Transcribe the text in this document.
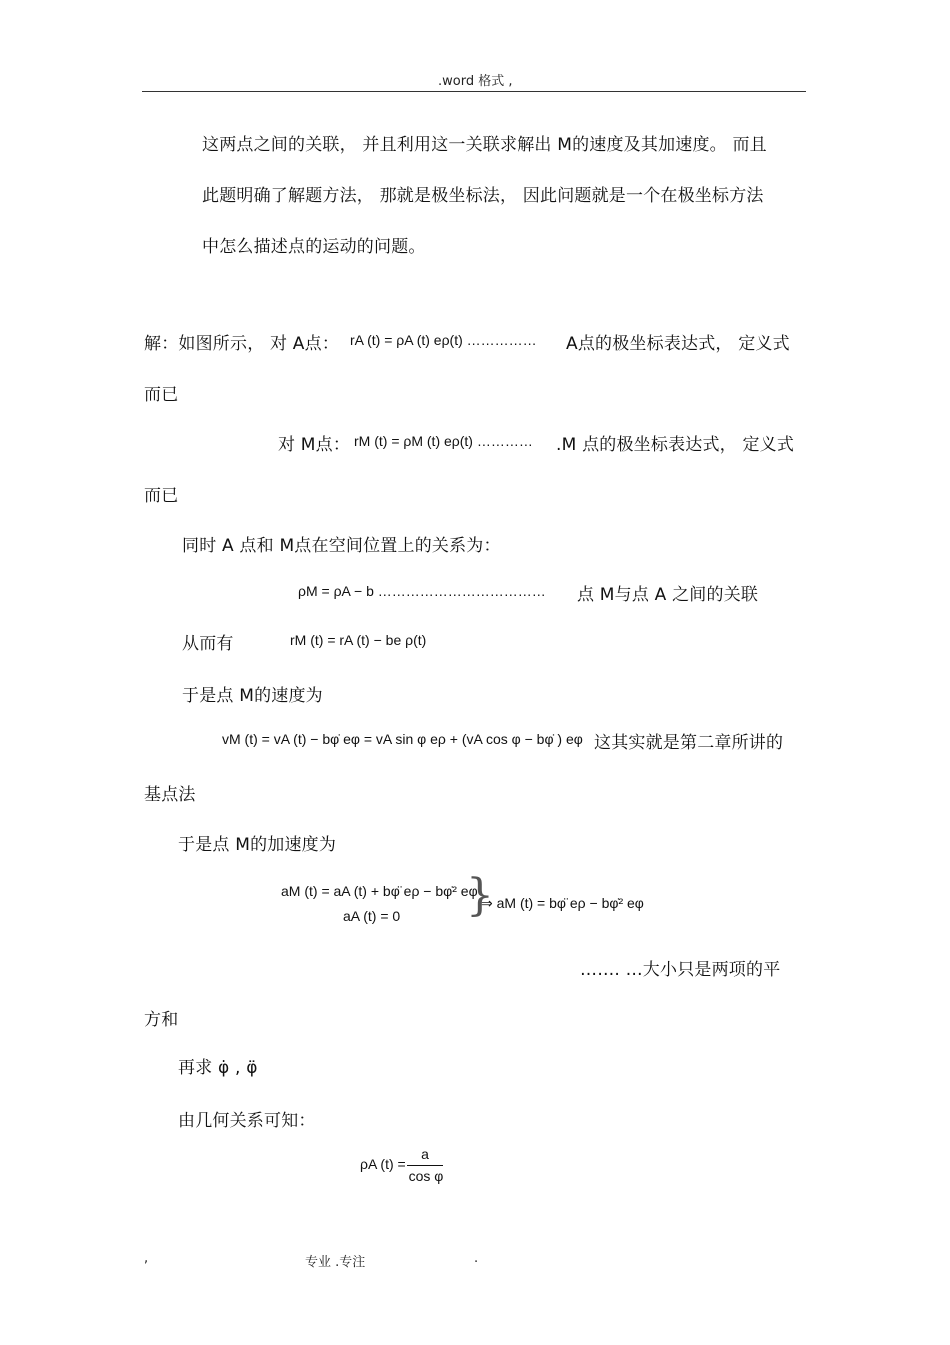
.word 格式 ,
这两点之间的关联， 并且利用这一关联求解出 M的速度及其加速度。 而且
此题明确了解题方法， 那就是极坐标法， 因此问题就是一个在极坐标方法
中怎么描述点的运动的问题。
解：如图所示， 对 A点： rA (t) = ρA (t) eρ(t) …………… A点的极坐标表达式， 定义式
而已
对 M点： rM (t) = ρM (t) eρ(t) ………… .M 点的极坐标表达式， 定义式
而已
同时 A 点和 M点在空间位置上的关系为：
ρM = ρA − b ……………………………… 点 M与点 A 之间的关联
从而有	rM (t) = rA (t) − be ρ(t)
于是点 M的速度为
vM (t) = vA (t) − bφ̇ eφ = vA sin φ eρ + (vA cos φ − bφ̇ ) eφ 这其实就是第二章所讲的
基点法
于是点 M的加速度为
aM (t) = aA (t) + bφ̈ eρ − bφ̇² eφ
aA (t) = 0 }
⇒ aM (t) = bφ̈ eρ − bφ̇² eφ
……. …大小只是两项的平
方和
再求 φ̇ , φ̈
由几何关系可知：
ρA (t) =
a
cos φ
,	专业 .专注	.
